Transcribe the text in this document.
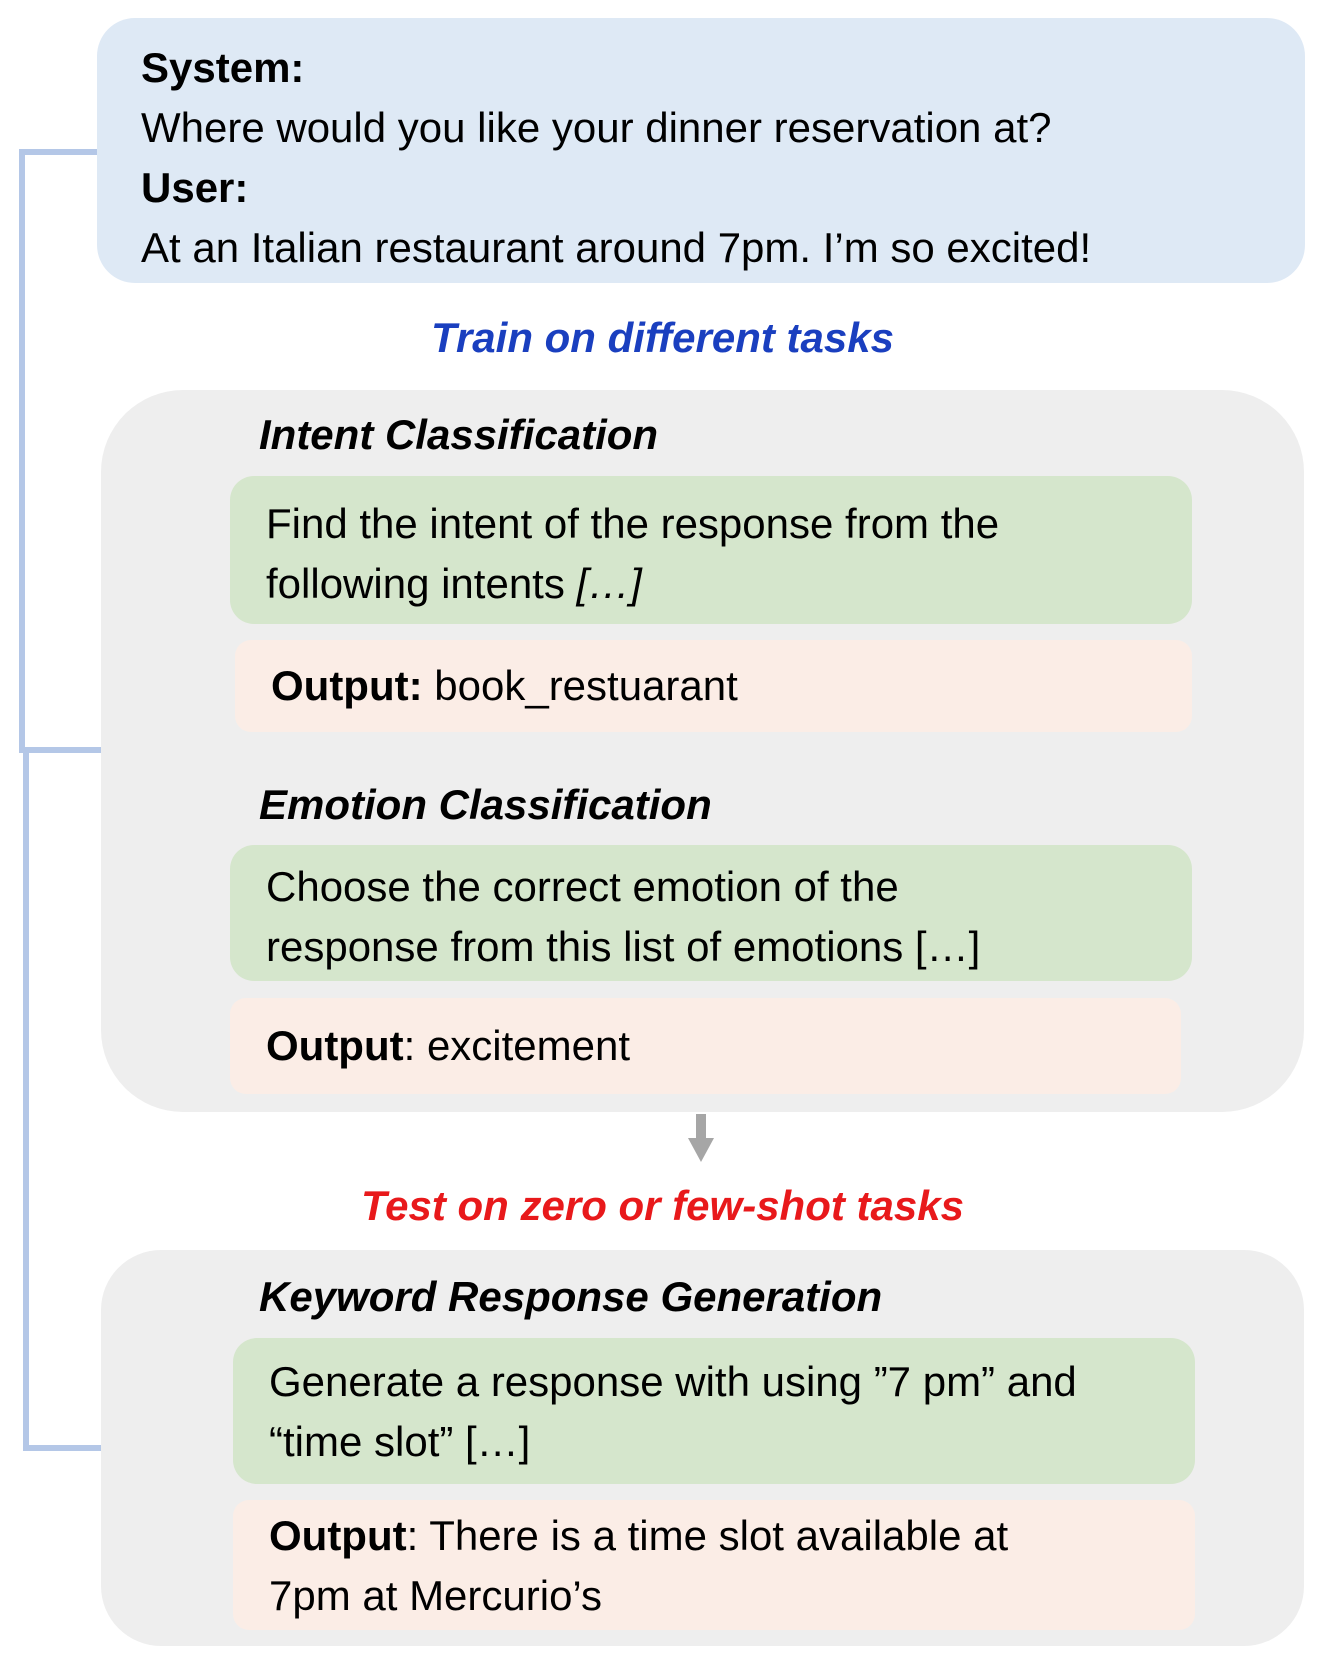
System:
Where would you like your dinner reservation at?
User:
At an Italian restaurant around 7pm. I’m so excited!
Train on different tasks
Intent Classification
Find the intent of the response from the
following intents […]
Output: book_restuarant
Emotion Classification
Choose the correct emotion of the
response from this list of emotions […]
Output: excitement
Test on zero or few-shot tasks
Keyword Response Generation
Generate a response with using ”7 pm” and
“time slot” […]
Output: There is a time slot available at
7pm at Mercurio’s
